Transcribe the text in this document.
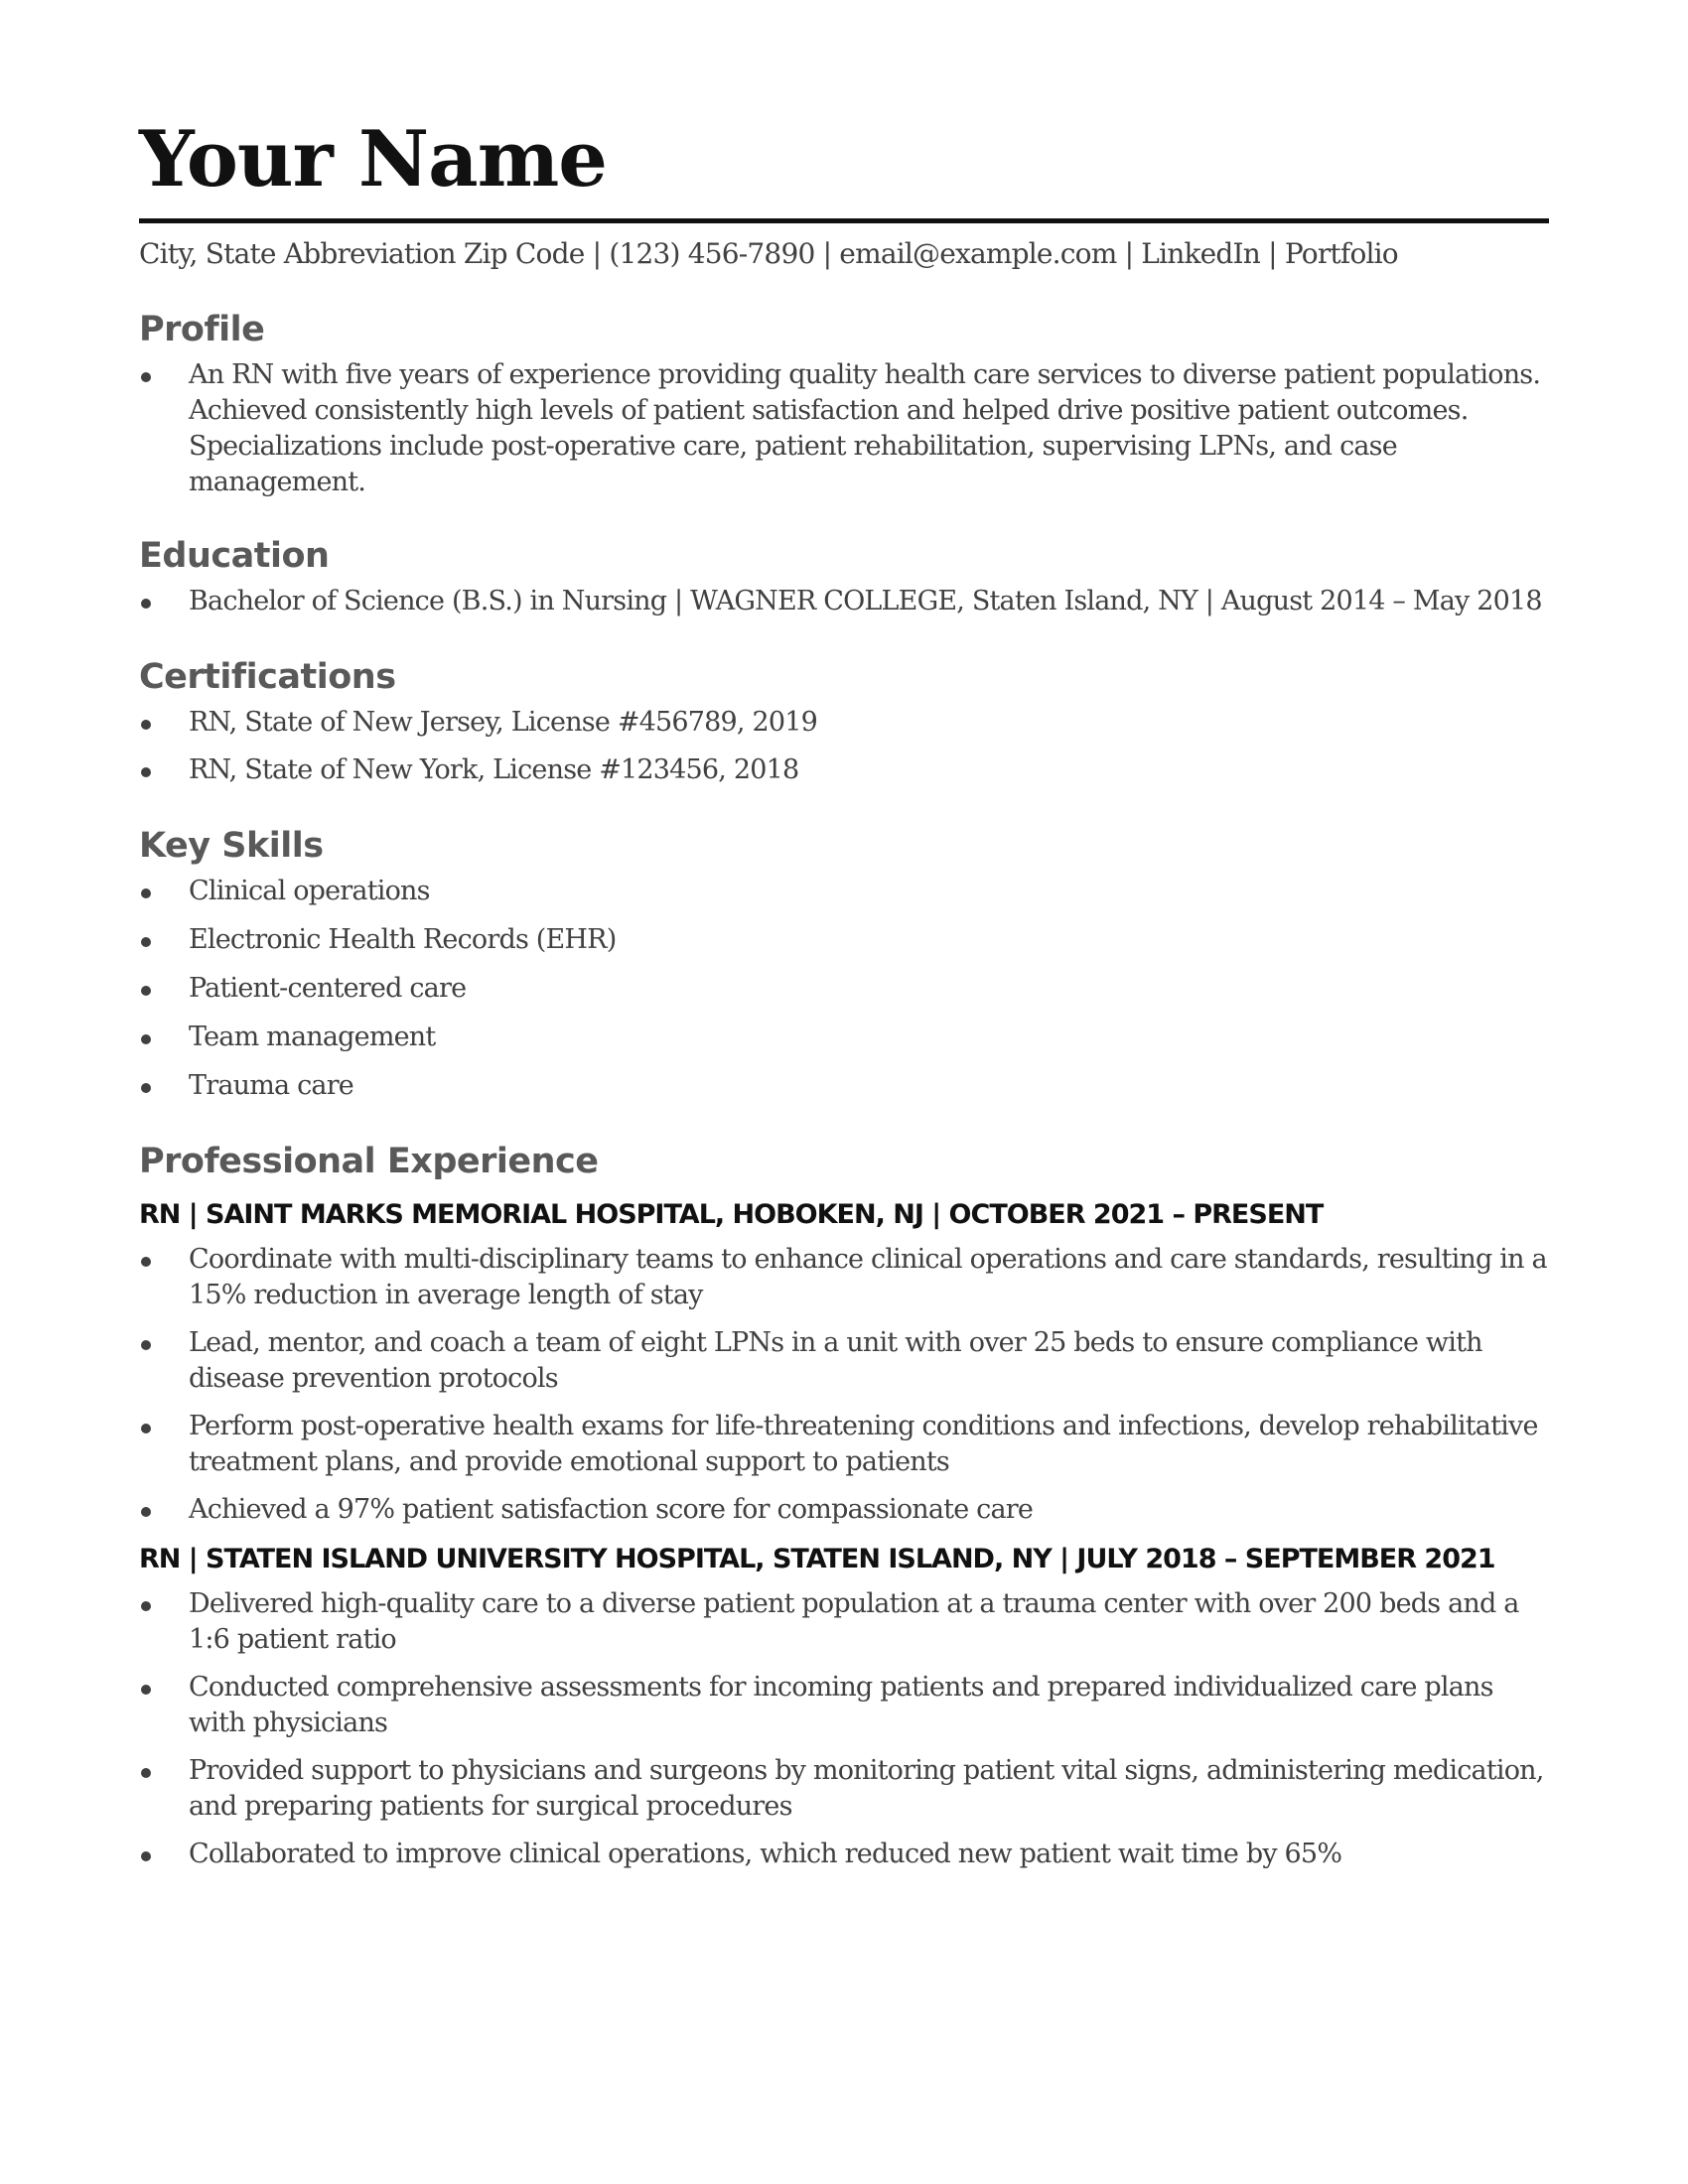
Your Name
City, State Abbreviation Zip Code | (123) 456-7890 | email@example.com | LinkedIn | Portfolio
Profile
An RN with five years of experience providing quality health care services to diverse patient populations. Achieved consistently high levels of patient satisfaction and helped drive positive patient outcomes. Specializations include post-operative care, patient rehabilitation, supervising LPNs, and case management.
Education
Bachelor of Science (B.S.) in Nursing | WAGNER COLLEGE, Staten Island, NY | August 2014 – May 2018
Certifications
RN, State of New Jersey, License #456789, 2019
RN, State of New York, License #123456, 2018
Key Skills
Clinical operations
Electronic Health Records (EHR)
Patient-centered care
Team management
Trauma care
Professional Experience
RN | SAINT MARKS MEMORIAL HOSPITAL, HOBOKEN, NJ | OCTOBER 2021 – PRESENT
Coordinate with multi-disciplinary teams to enhance clinical operations and care standards, resulting in a 15% reduction in average length of stay
Lead, mentor, and coach a team of eight LPNs in a unit with over 25 beds to ensure compliance with disease prevention protocols
Perform post-operative health exams for life-threatening conditions and infections, develop rehabilitative treatment plans, and provide emotional support to patients
Achieved a 97% patient satisfaction score for compassionate care
RN | STATEN ISLAND UNIVERSITY HOSPITAL, STATEN ISLAND, NY | JULY 2018 – SEPTEMBER 2021
Delivered high-quality care to a diverse patient population at a trauma center with over 200 beds and a 1:6 patient ratio
Conducted comprehensive assessments for incoming patients and prepared individualized care plans with physicians
Provided support to physicians and surgeons by monitoring patient vital signs, administering medication, and preparing patients for surgical procedures
Collaborated to improve clinical operations, which reduced new patient wait time by 65%
